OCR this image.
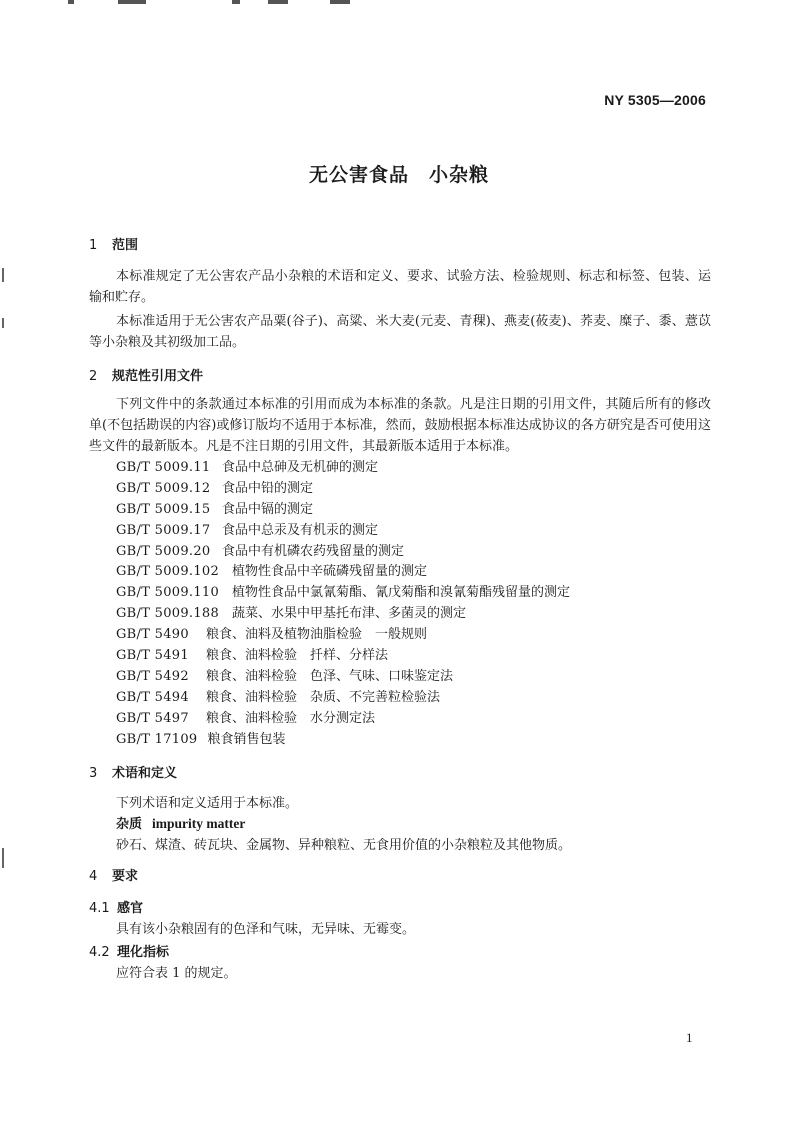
NY 5305—2006
无公害食品　小杂粮
1 范围
本标准规定了无公害农产品小杂粮的术语和定义、要求、试验方法、检验规则、标志和标签、包装、运输和贮存。
本标准适用于无公害农产品粟(谷子)、高粱、米大麦(元麦、青稞)、燕麦(莜麦)、荞麦、糜子、黍、薏苡等小杂粮及其初级加工品。
2 规范性引用文件
下列文件中的条款通过本标准的引用而成为本标准的条款。凡是注日期的引用文件，其随后所有的修改单(不包括勘误的内容)或修订版均不适用于本标准，然而，鼓励根据本标准达成协议的各方研究是否可使用这些文件的最新版本。凡是不注日期的引用文件，其最新版本适用于本标准。
GB/T 5009.11 食品中总砷及无机砷的测定
GB/T 5009.12 食品中铅的测定
GB/T 5009.15 食品中镉的测定
GB/T 5009.17 食品中总汞及有机汞的测定
GB/T 5009.20 食品中有机磷农药残留量的测定
GB/T 5009.102 植物性食品中辛硫磷残留量的测定
GB/T 5009.110 植物性食品中氯氰菊酯、氰戊菊酯和溴氰菊酯残留量的测定
GB/T 5009.188 蔬菜、水果中甲基托布津、多菌灵的测定
GB/T 5490 粮食、油料及植物油脂检验　一般规则
GB/T 5491 粮食、油料检验　扦样、分样法
GB/T 5492 粮食、油料检验　色泽、气味、口味鉴定法
GB/T 5494 粮食、油料检验　杂质、不完善粒检验法
GB/T 5497 粮食、油料检验　水分测定法
GB/T 17109 粮食销售包装
3 术语和定义
下列术语和定义适用于本标准。
杂质 impurity matter
砂石、煤渣、砖瓦块、金属物、异种粮粒、无食用价值的小杂粮粒及其他物质。
4 要求
4.1 感官
具有该小杂粮固有的色泽和气味，无异味、无霉变。
4.2 理化指标
应符合表 1 的规定。
1
